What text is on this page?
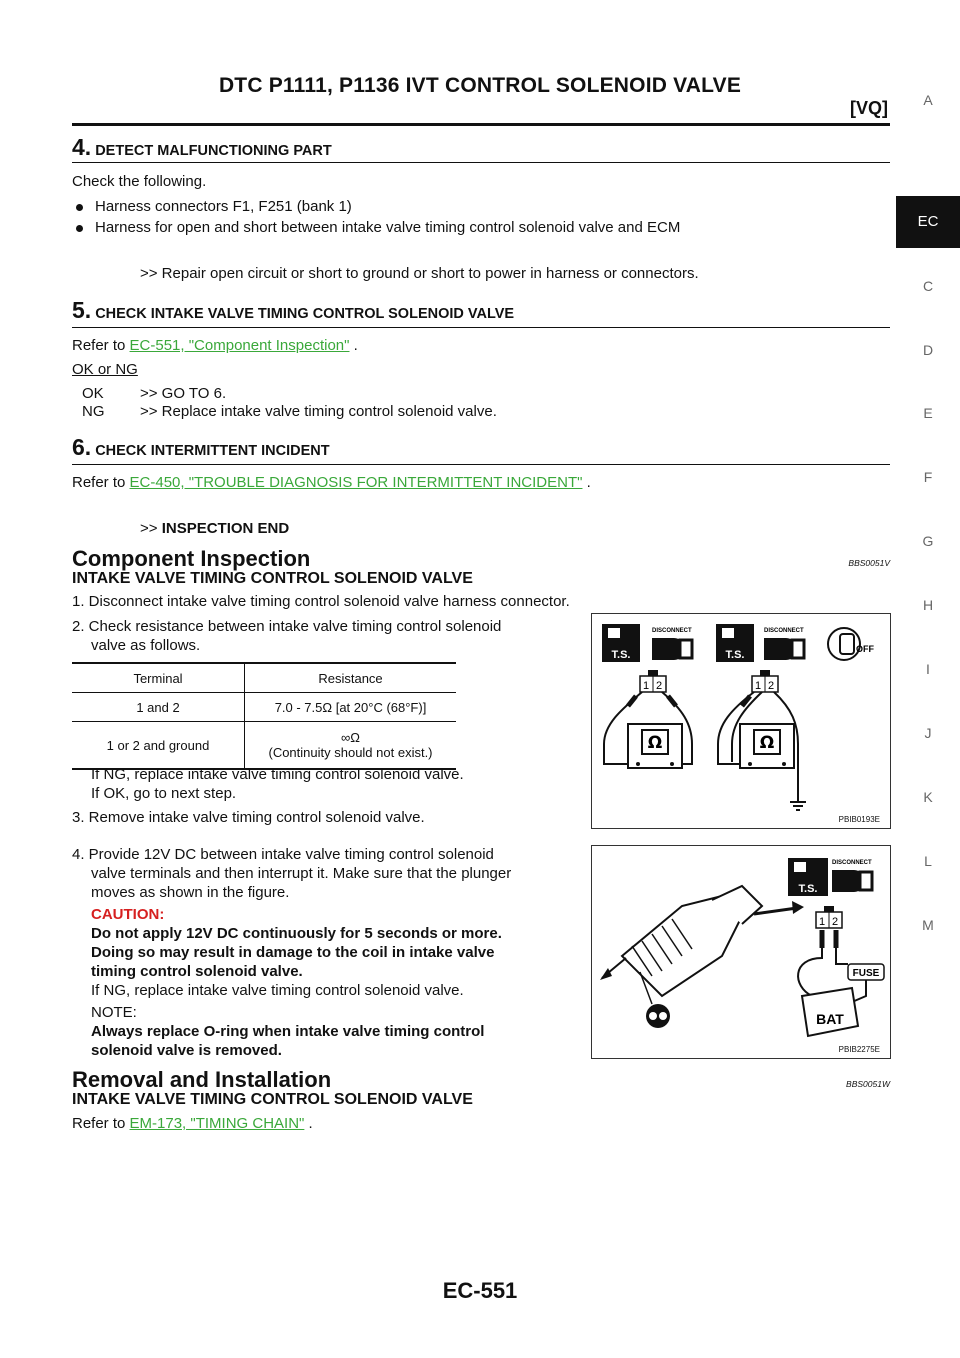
DTC P1111, P1136 IVT CONTROL SOLENOID VALVE
[VQ]	A
EC
C
D
E
F
G
H
I
J
K
L
M
4. DETECT MALFUNCTIONING PART
Check the following.
Harness connectors F1, F251 (bank 1)
Harness for open and short between intake valve timing control solenoid valve and ECM
>> Repair open circuit or short to ground or short to power in harness or connectors.
5. CHECK INTAKE VALVE TIMING CONTROL SOLENOID VALVE
Refer to EC-551, "Component Inspection" .
OK or NG
OK >> GO TO 6.
NG >> Replace intake valve timing control solenoid valve.
6. CHECK INTERMITTENT INCIDENT
Refer to EC-450, "TROUBLE DIAGNOSIS FOR INTERMITTENT INCIDENT" .
>> INSPECTION END
Component Inspection	BBS0051V
INTAKE VALVE TIMING CONTROL SOLENOID VALVE
1. Disconnect intake valve timing control solenoid valve harness connector.
2. Check resistance between intake valve timing control solenoid
valve as follows.
Terminal	Resistance
1 and 2	7.0 - 7.5Ω [at 20°C (68°F)]
1 or 2 and ground	∞Ω
(Continuity should not exist.)
If NG, replace intake valve timing control solenoid valve.
If OK, go to next step.
3. Remove intake valve timing control solenoid valve.
4. Provide 12V DC between intake valve timing control solenoid
valve terminals and then interrupt it. Make sure that the plunger
moves as shown in the figure.
CAUTION:
Do not apply 12V DC continuously for 5 seconds or more.
Doing so may result in damage to the coil in intake valve
timing control solenoid valve.
If NG, replace intake valve timing control solenoid valve.
NOTE:
Always replace O-ring when intake valve timing control
solenoid valve is removed.
T.S.	T.S.
DISCONNECT	DISCONNECT
OFF
1 2	1 2
Ω	Ω
PBIB0193E
T.S.
DISCONNECT
1 2
FUSE
BAT
PBIB2275E
Removal and Installation	BBS0051W
INTAKE VALVE TIMING CONTROL SOLENOID VALVE
Refer to EM-173, "TIMING CHAIN" .
EC-551
